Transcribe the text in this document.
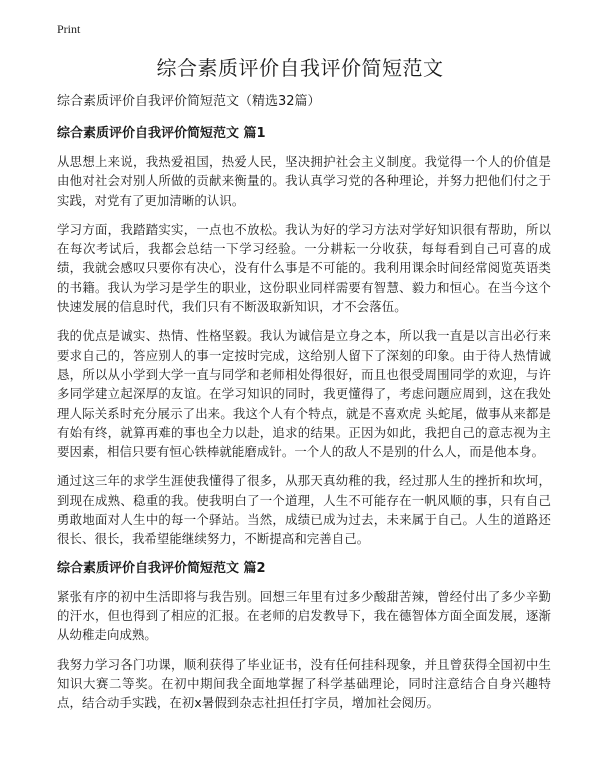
Print
综合素质评价自我评价简短范文

综合素质评价自我评价简短范文（精选32篇）

综合素质评价自我评价简短范文 篇1

从思想上来说，我热爱祖国，热爱人民，坚决拥护社会主义制度。我觉得一个人的价值是由他对社会对别人所做的贡献来衡量的。我认真学习党的各种理论，并努力把他们付之于实践，对党有了更加清晰的认识。

学习方面，我踏踏实实，一点也不放松。我认为好的学习方法对学好知识很有帮助，所以在每次考试后，我都会总结一下学习经验。一分耕耘一分收获，每每看到自己可喜的成绩，我就会感叹只要你有决心，没有什么事是不可能的。我利用课余时间经常阅览英语类的书籍。我认为学习是学生的职业，这份职业同样需要有智慧、毅力和恒心。在当今这个快速发展的信息时代，我们只有不断汲取新知识，才不会落伍。

我的优点是诚实、热情、性格坚毅。我认为诚信是立身之本，所以我一直是以言出必行来要求自己的，答应别人的事一定按时完成，这给别人留下了深刻的印象。由于待人热情诚恳，所以从小学到大学一直与同学和老师相处得很好，而且也很受周围同学的欢迎，与许多同学建立起深厚的友谊。在学习知识的同时，我更懂得了，考虑问题应周到，这在我处理人际关系时充分展示了出来。我这个人有个特点，就是不喜欢虎 头蛇尾，做事从来都是有始有终，就算再难的事也全力以赴，追求的结果。正因为如此，我把自己的意志视为主要因素，相信只要有恒心铁棒就能磨成针。一个人的敌人不是别的什么人，而是他本身。

通过这三年的求学生涯使我懂得了很多，从那天真幼稚的我，经过那人生的挫折和坎坷，到现在成熟、稳重的我。使我明白了一个道理，人生不可能存在一帆风顺的事，只有自己勇敢地面对人生中的每一个驿站。当然，成绩已成为过去，未来属于自己。人生的道路还很长、很长，我希望能继续努力，不断提高和完善自己。

综合素质评价自我评价简短范文 篇2

紧张有序的初中生活即将与我告别。回想三年里有过多少酸甜苦辣，曾经付出了多少辛勤的汗水，但也得到了相应的汇报。在老师的启发教导下，我在德智体方面全面发展，逐渐从幼稚走向成熟。

我努力学习各门功课，顺利获得了毕业证书，没有任何挂科现象，并且曾获得全国初中生知识大赛二等奖。在初中期间我全面地掌握了科学基础理论，同时注意结合自身兴趣特点，结合动手实践，在初x暑假到杂志社担任打字员，增加社会阅历。
